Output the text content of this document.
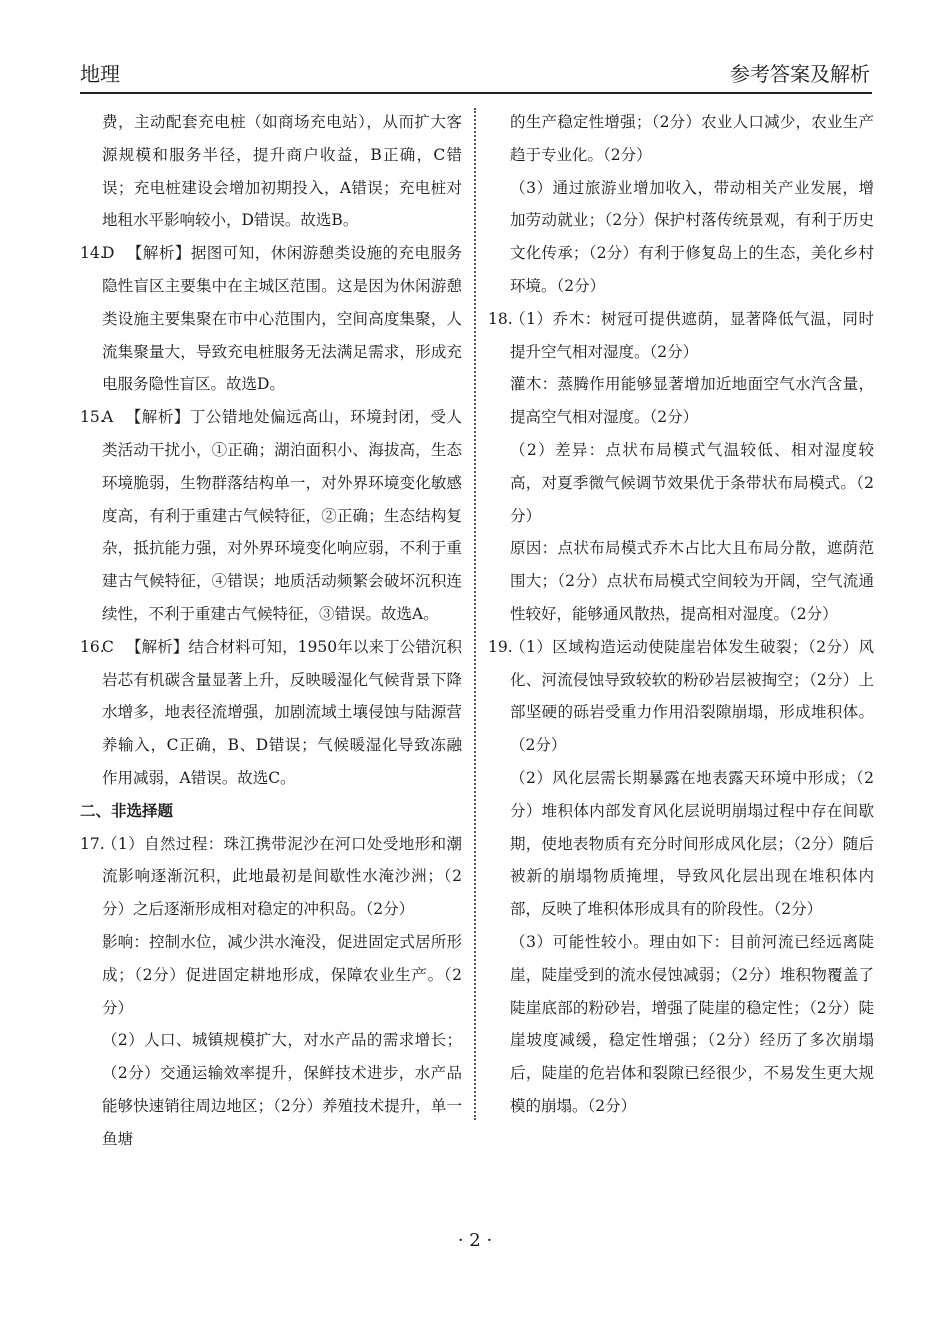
地理	参考答案及解析

费，主动配套充电桩（如商场充电站），从而扩大客源规模和服务半径，提升商户收益，B正确，C错误；充电桩建设会增加初期投入，A错误；充电桩对地租水平影响较小，D错误。故选B。

14.
D 【解析】据图可知，休闲游憩类设施的充电服务隐性盲区主要集中在主城区范围。这是因为休闲游憩类设施主要集聚在市中心范围内，空间高度集聚，人流集聚量大，导致充电桩服务无法满足需求，形成充电服务隐性盲区。故选D。
15.
A 【解析】丁公错地处偏远高山，环境封闭，受人类活动干扰小，①正确；湖泊面积小、海拔高，生态环境脆弱，生物群落结构单一，对外界环境变化敏感度高，有利于重建古气候特征，②正确；生态结构复杂，抵抗能力强，对外界环境变化响应弱，不利于重建古气候特征，④错误；地质活动频繁会破坏沉积连续性，不利于重建古气候特征，③错误。故选A。
16.
C 【解析】结合材料可知，1950年以来丁公错沉积岩芯有机碳含量显著上升，反映暖湿化气候背景下降水增多，地表径流增强，加剧流域土壤侵蚀与陆源营养输入，C正确，B、D错误；气候暖湿化导致冻融作用减弱，A错误。故选C。

二、非选择题

17.

（1）自然过程：珠江携带泥沙在河口处受地形和潮流影响逐渐沉积，此地最初是间歇性水淹沙洲；（2分）之后逐渐形成相对稳定的冲积岛。（2分）

影响：控制水位，减少洪水淹没，促进固定式居所形成；（2分）促进固定耕地形成，保障农业生产。（2分）

（2）人口、城镇规模扩大，对水产品的需求增长；（2分）交通运输效率提升，保鲜技术进步，水产品能够快速销往周边地区；（2分）养殖技术提升，单一鱼塘

的生产稳定性增强；（2分）农业人口减少，农业生产趋于专业化。（2分）

（3）通过旅游业增加收入，带动相关产业发展，增加劳动就业；（2分）保护村落传统景观，有利于历史文化传承；（2分）有利于修复岛上的生态，美化乡村环境。（2分）

18.

（1）乔木：树冠可提供遮荫，显著降低气温，同时提升空气相对湿度。（2分）

灌木：蒸腾作用能够显著增加近地面空气水汽含量，提高空气相对湿度。（2分）

（2）差异：点状布局模式气温较低、相对湿度较高，对夏季微气候调节效果优于条带状布局模式。（2分）

原因：点状布局模式乔木占比大且布局分散，遮荫范围大；（2分）点状布局模式空间较为开阔，空气流通性较好，能够通风散热，提高相对湿度。（2分）

19.

（1）区域构造运动使陡崖岩体发生破裂；（2分）风化、河流侵蚀导致较软的粉砂岩层被掏空；（2分）上部坚硬的砾岩受重力作用沿裂隙崩塌，形成堆积体。（2分）

（2）风化层需长期暴露在地表露天环境中形成；（2分）堆积体内部发育风化层说明崩塌过程中存在间歇期，使地表物质有充分时间形成风化层；（2分）随后被新的崩塌物质掩埋，导致风化层出现在堆积体内部，反映了堆积体形成具有的阶段性。（2分）

（3）可能性较小。理由如下：目前河流已经远离陡崖，陡崖受到的流水侵蚀减弱；（2分）堆积物覆盖了陡崖底部的粉砂岩，增强了陡崖的稳定性；（2分）陡崖坡度减缓，稳定性增强；（2分）经历了多次崩塌后，陡崖的危岩体和裂隙已经很少，不易发生更大规模的崩塌。（2分）

· 2 ·
